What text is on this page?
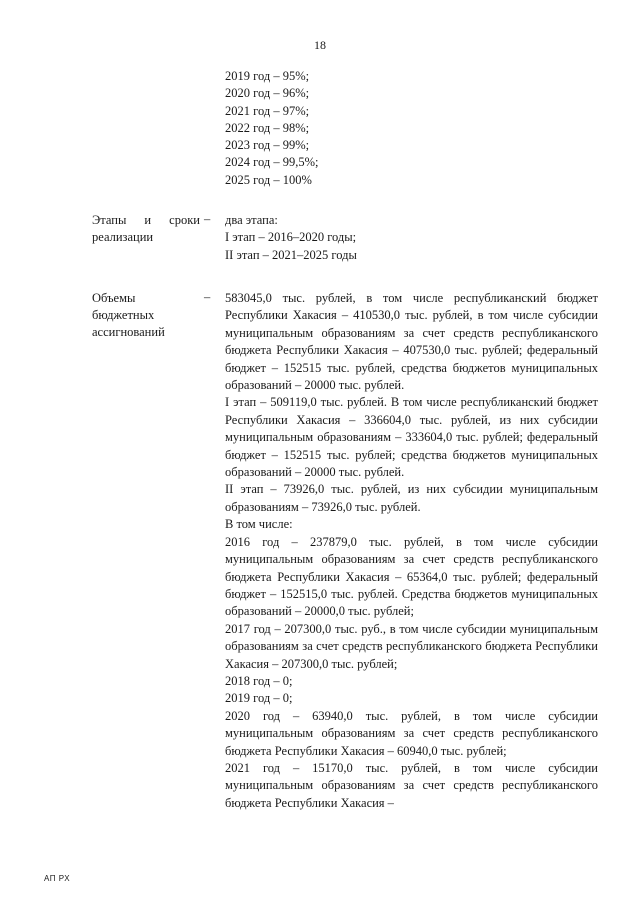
18
2019 год – 95%;
2020 год – 96%;
2021 год – 97%;
2022 год – 98%;
2023 год – 99%;
2024 год – 99,5%;
2025 год – 100%
Этапы и сроки
реализации
– два этапа:
I этап – 2016–2020 годы;
II этап – 2021–2025 годы
Объемы
бюджетных
ассигнований
– 583045,0 тыс. рублей, в том числе республиканский бюджет Республики Хакасия – 410530,0 тыс. рублей, в том числе субсидии муниципальным образованиям за счет средств республиканского бюджета Республики Хакасия – 407530,0 тыс. рублей; федеральный бюджет – 152515 тыс. рублей, средства бюджетов муниципальных образований – 20000 тыс. рублей.

I этап – 509119,0 тыс. рублей. В том числе республиканский бюджет Республики Хакасия – 336604,0 тыс. рублей, из них субсидии муниципальным образованиям – 333604,0 тыс. рублей; федеральный бюджет – 152515 тыс. рублей; средства бюджетов муниципальных образований – 20000 тыс. рублей.

II этап – 73926,0 тыс. рублей, из них субсидии муниципальным образованиям – 73926,0 тыс. рублей.

В том числе:

2016 год – 237879,0 тыс. рублей, в том числе субсидии муниципальным образованиям за счет средств республиканского бюджета Республики Хакасия – 65364,0 тыс. рублей; федеральный бюджет – 152515,0 тыс. рублей. Средства бюджетов муниципальных образований – 20000,0 тыс. рублей;

2017 год – 207300,0 тыс. руб., в том числе субсидии муниципальным образованиям за счет средств республиканского бюджета Республики Хакасия – 207300,0 тыс. рублей;

2018 год – 0;

2019 год – 0;

2020 год – 63940,0 тыс. рублей, в том числе субсидии муниципальным образованиям за счет средств республиканского бюджета Республики Хакасия – 60940,0 тыс. рублей;

2021 год – 15170,0 тыс. рублей, в том числе субсидии муниципальным образованиям за счет средств республиканского бюджета Республики Хакасия –

АП РХ
